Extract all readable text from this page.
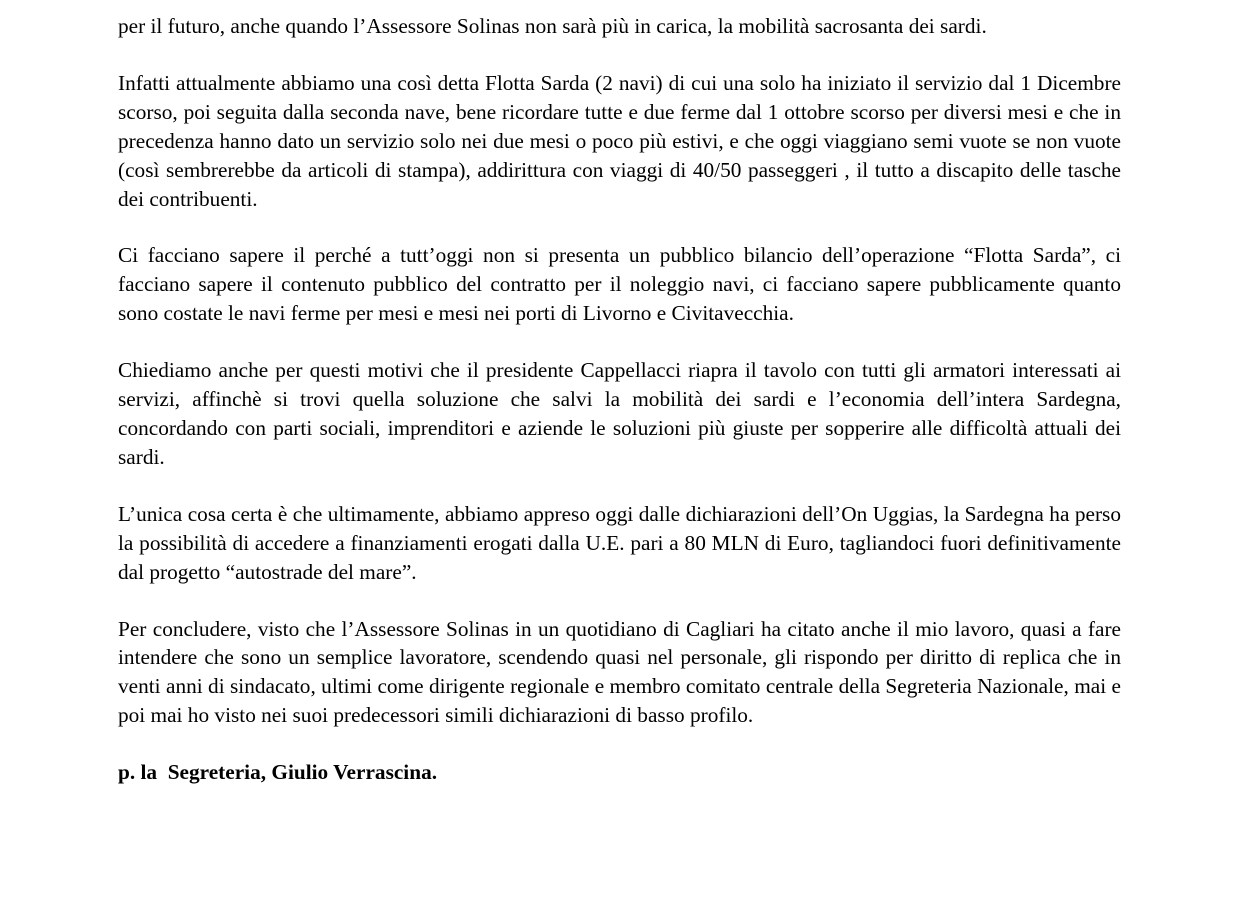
per il futuro, anche quando l’Assessore Solinas non sarà più in carica, la mobilità sacrosanta dei sardi.

Infatti attualmente abbiamo una così detta Flotta Sarda (2 navi) di cui una solo ha iniziato il servizio dal 1 Dicembre scorso, poi seguita dalla seconda nave, bene ricordare tutte e due ferme dal 1 ottobre scorso per diversi mesi e che in precedenza hanno dato un servizio solo nei due mesi o poco più estivi, e che oggi viaggiano semi vuote se non vuote (così sembrerebbe da articoli di stampa), addirittura con viaggi di 40/50 passeggeri , il tutto a discapito delle tasche dei contribuenti.

Ci facciano sapere il perché a tutt’oggi non si presenta un pubblico bilancio dell’operazione “Flotta Sarda”, ci facciano sapere il contenuto pubblico del contratto per il noleggio navi, ci facciano sapere pubblicamente quanto sono costate le navi ferme per mesi e mesi nei porti di Livorno e Civitavecchia.

Chiediamo anche per questi motivi che il presidente Cappellacci riapra il tavolo con tutti gli armatori interessati ai servizi, affinchè si trovi quella soluzione che salvi la mobilità dei sardi e l’economia dell’intera Sardegna, concordando con parti sociali, imprenditori e aziende le soluzioni più giuste per sopperire alle difficoltà attuali dei sardi.

L’unica cosa certa è che ultimamente, abbiamo appreso oggi dalle dichiarazioni dell’On Uggias, la Sardegna ha perso la possibilità di accedere a finanziamenti erogati dalla U.E. pari a 80 MLN di Euro, tagliandoci fuori definitivamente dal progetto “autostrade del mare”.

Per concludere, visto che l’Assessore Solinas in un quotidiano di Cagliari ha citato anche il mio lavoro, quasi a fare intendere che sono un semplice lavoratore, scendendo quasi nel personale, gli rispondo per diritto di replica che in venti anni di sindacato, ultimi come dirigente regionale e membro comitato centrale della Segreteria Nazionale, mai e poi mai ho visto nei suoi predecessori simili dichiarazioni di basso profilo.

p. la  Segreteria, Giulio Verrascina.
